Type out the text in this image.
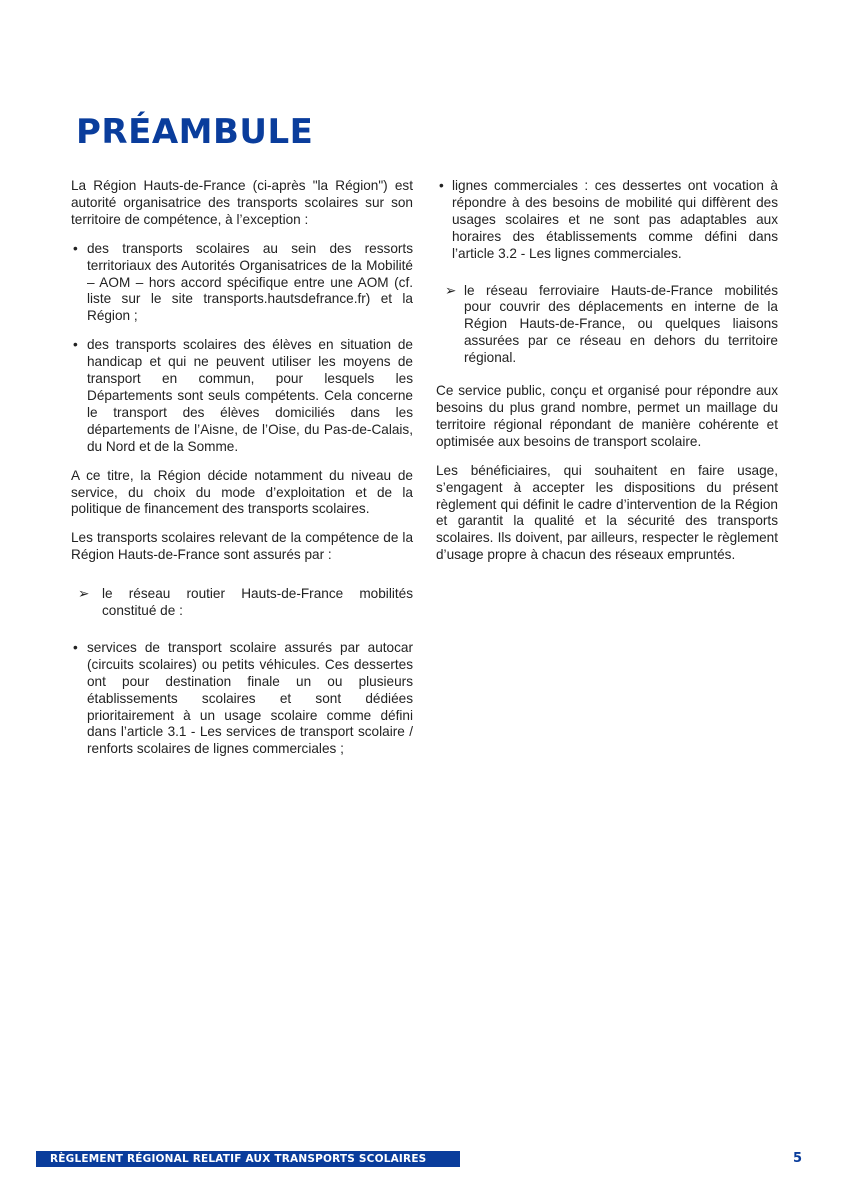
PRÉAMBULE

La Région Hauts-de-France (ci-après "la Région") est autorité organisatrice des transports scolaires sur son territoire de compétence, à l’exception :

• des transports scolaires au sein des ressorts territoriaux des Autorités Organisatrices de la Mobilité – AOM – hors accord spécifique entre une AOM (cf. liste sur le site transports.hautsdefrance.fr) et la Région ;
• des transports scolaires des élèves en situation de handicap et qui ne peuvent utiliser les moyens de transport en commun, pour lesquels les Départements sont seuls compétents. Cela concerne le transport des élèves domiciliés dans les départements de l’Aisne, de l’Oise, du Pas-de-Calais, du Nord et de la Somme.

A ce titre, la Région décide notamment du niveau de service, du choix du mode d’exploitation et de la politique de financement des transports scolaires.

Les transports scolaires relevant de la compétence de la Région Hauts-de-France sont assurés par :

➢ le réseau routier Hauts-de-France mobilités constitué de :
• services de transport scolaire assurés par autocar (circuits scolaires) ou petits véhicules. Ces dessertes ont pour destination finale un ou plusieurs établissements scolaires et sont dédiées prioritairement à un usage scolaire comme défini dans l’article 3.1 - Les services de transport scolaire / renforts scolaires de lignes commerciales ;
• lignes commerciales : ces dessertes ont vocation à répondre à des besoins de mobilité qui diffèrent des usages scolaires et ne sont pas adaptables aux horaires des établissements comme défini dans l’article 3.2 - Les lignes commerciales.
➢ le réseau ferroviaire Hauts-de-France mobilités pour couvrir des déplacements en interne de la Région Hauts-de-France, ou quelques liaisons assurées par ce réseau en dehors du territoire régional.

Ce service public, conçu et organisé pour répondre aux besoins du plus grand nombre, permet un maillage du territoire régional répondant de manière cohérente et optimisée aux besoins de transport scolaire.

Les bénéficiaires, qui souhaitent en faire usage, s’engagent à accepter les dispositions du présent règlement qui définit le cadre d’intervention de la Région et garantit la qualité et la sécurité des transports scolaires. Ils doivent, par ailleurs, respecter le règlement d’usage propre à chacun des réseaux empruntés.

RÈGLEMENT RÉGIONAL RELATIF AUX TRANSPORTS SCOLAIRES	5
